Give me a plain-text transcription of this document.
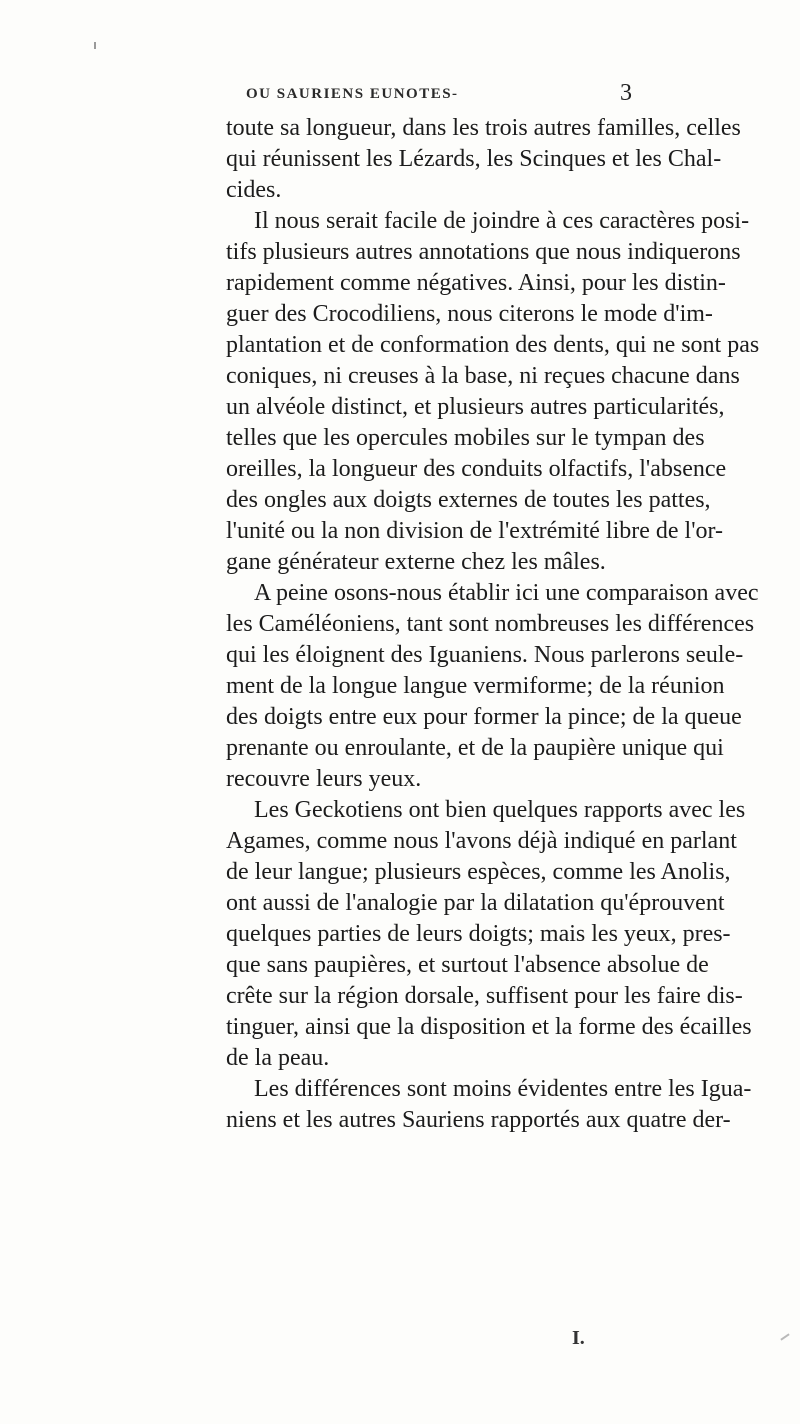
OU SAURIENS EUNOTES-	3
toute sa longueur, dans les trois autres familles, celles
qui réunissent les Lézards, les Scinques et les Chal-
cides.
Il nous serait facile de joindre à ces caractères posi-
tifs plusieurs autres annotations que nous indiquerons
rapidement comme négatives. Ainsi, pour les distin-
guer des Crocodiliens, nous citerons le mode d'im-
plantation et de conformation des dents, qui ne sont pas
coniques, ni creuses à la base, ni reçues chacune dans
un alvéole distinct, et plusieurs autres particularités,
telles que les opercules mobiles sur le tympan des
oreilles, la longueur des conduits olfactifs, l'absence
des ongles aux doigts externes de toutes les pattes,
l'unité ou la non division de l'extrémité libre de l'or-
gane générateur externe chez les mâles.
A peine osons-nous établir ici une comparaison avec
les Caméléoniens, tant sont nombreuses les différences
qui les éloignent des Iguaniens. Nous parlerons seule-
ment de la longue langue vermiforme; de la réunion
des doigts entre eux pour former la pince; de la queue
prenante ou enroulante, et de la paupière unique qui
recouvre leurs yeux.
Les Geckotiens ont bien quelques rapports avec les
Agames, comme nous l'avons déjà indiqué en parlant
de leur langue; plusieurs espèces, comme les Anolis,
ont aussi de l'analogie par la dilatation qu'éprouvent
quelques parties de leurs doigts; mais les yeux, pres-
que sans paupières, et surtout l'absence absolue de
crête sur la région dorsale, suffisent pour les faire dis-
tinguer, ainsi que la disposition et la forme des écailles
de la peau.
Les différences sont moins évidentes entre les Igua-
niens et les autres Sauriens rapportés aux quatre der-
I.
